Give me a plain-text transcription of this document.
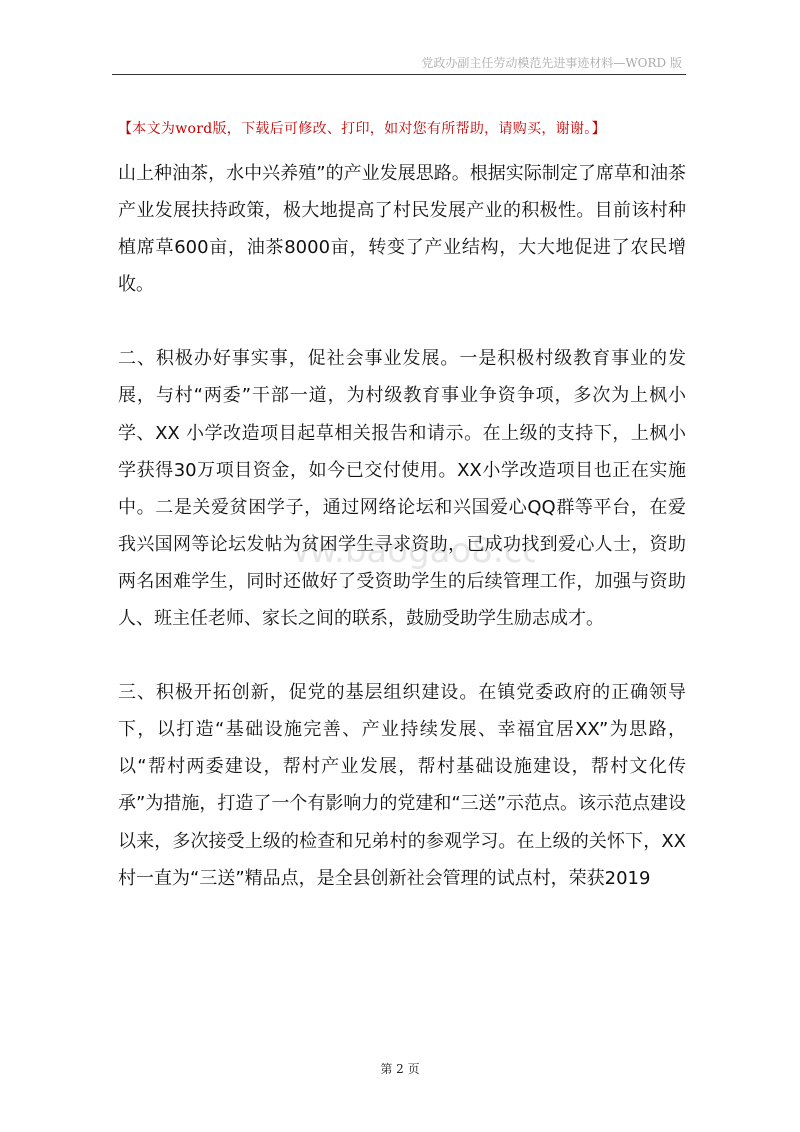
党政办副主任劳动模范先进事迹材料—WORD 版
【本文为word版，下载后可修改、打印，如对您有所帮助，请购买，谢谢。】
ww.baogao8.co

山上种油茶，水中兴养殖”的产业发展思路。根据实际制定了席草和油茶产业发展扶持政策，极大地提高了村民发展产业的积极性。目前该村种植席草600亩，油茶8000亩，转变了产业结构，大大地促进了农民增收。

二、积极办好事实事，促社会事业发展。一是积极村级教育事业的发展，与村“两委”干部一道，为村级教育事业争资争项，多次为上枫小学、XX 小学改造项目起草相关报告和请示。在上级的支持下，上枫小学获得30万项目资金，如今已交付使用。XX小学改造项目也正在实施中。二是关爱贫困学子，通过网络论坛和兴国爱心QQ群等平台，在爱我兴国网等论坛发帖为贫困学生寻求资助，已成功找到爱心人士，资助两名困难学生，同时还做好了受资助学生的后续管理工作，加强与资助人、班主任老师、家长之间的联系，鼓励受助学生励志成才。

三、积极开拓创新，促党的基层组织建设。在镇党委政府的正确领导下，以打造“基础设施完善、产业持续发展、幸福宜居XX”为思路，以“帮村两委建设，帮村产业发展，帮村基础设施建设，帮村文化传承”为措施，打造了一个有影响力的党建和“三送”示范点。该示范点建设以来，多次接受上级的检查和兄弟村的参观学习。在上级的关怀下，XX村一直为“三送”精品点，是全县创新社会管理的试点村，荣获2019

第 2 页
